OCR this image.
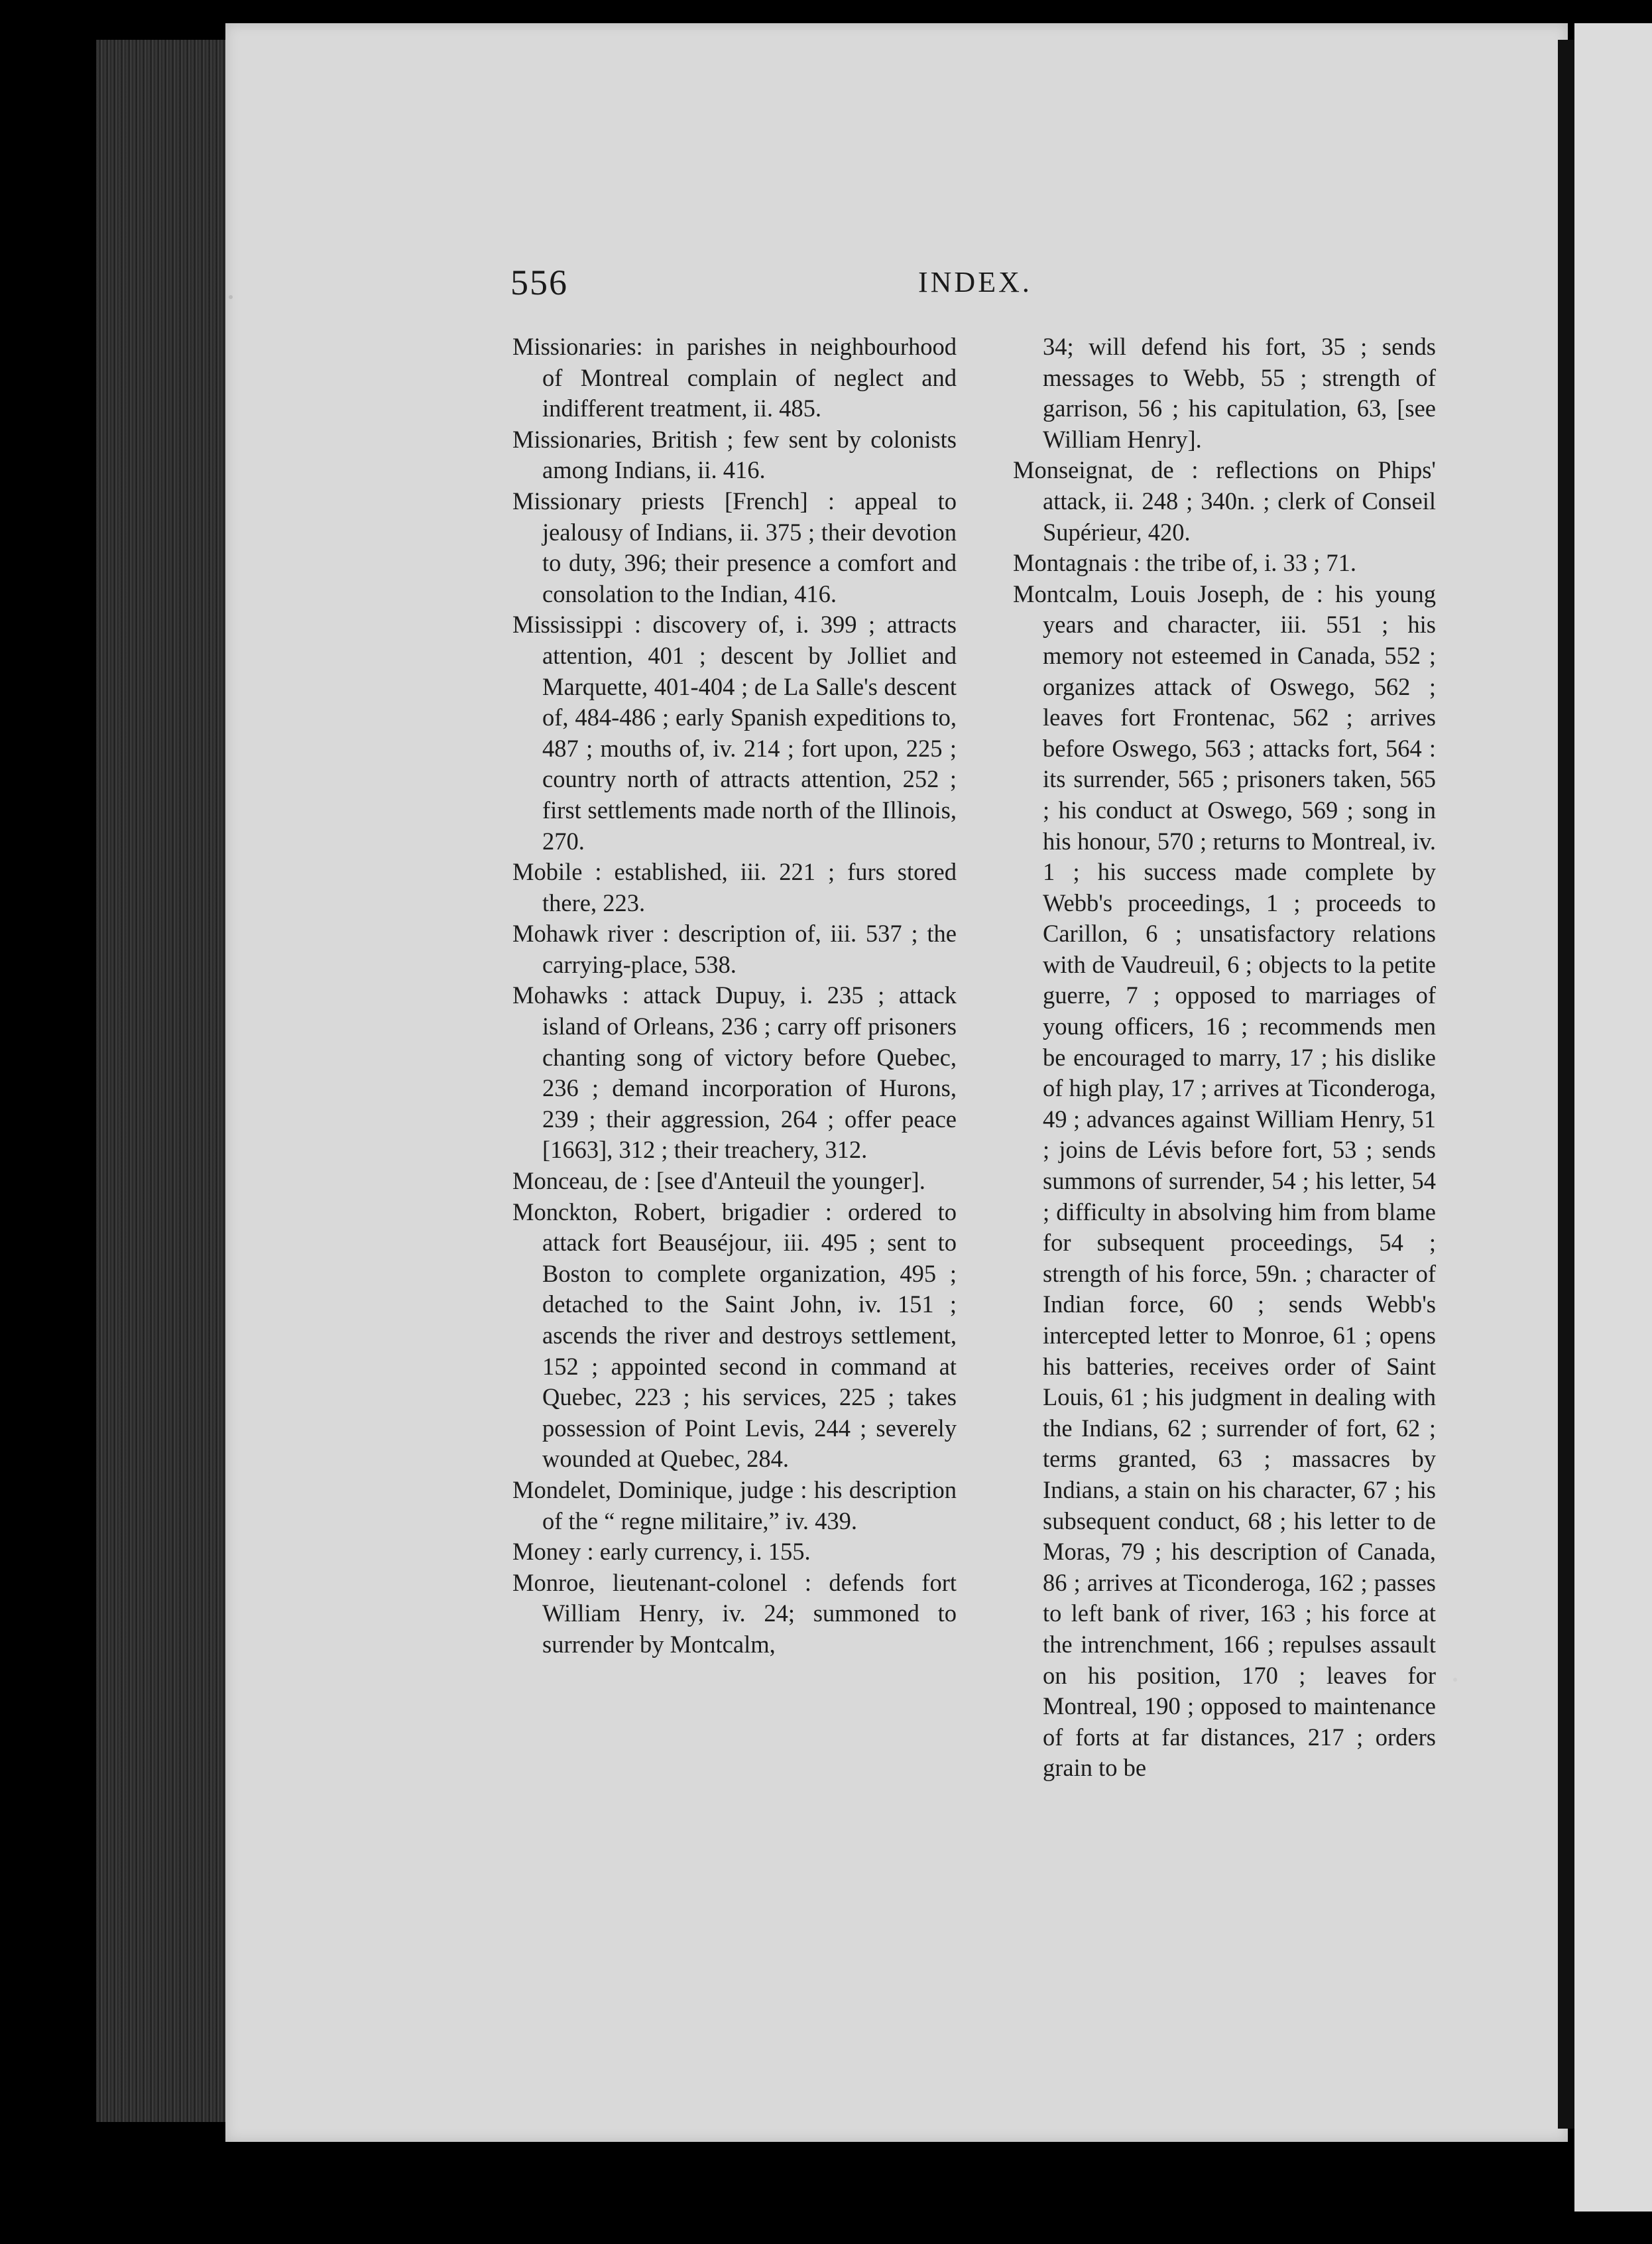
556	INDEX.

Missionaries: in parishes in neighbourhood of Montreal complain of neglect and indifferent treatment, ii. 485.

Missionaries, British ; few sent by colonists among Indians, ii. 416.

Missionary priests [French] : appeal to jealousy of Indians, ii. 375 ; their devotion to duty, 396; their presence a comfort and consolation to the Indian, 416.

Mississippi : discovery of, i. 399 ; attracts attention, 401 ; descent by Jolliet and Marquette, 401-404 ; de La Salle's descent of, 484-486 ; early Spanish expeditions to, 487 ; mouths of, iv. 214 ; fort upon, 225 ; country north of attracts attention, 252 ; first settlements made north of the Illinois, 270.

Mobile : established, iii. 221 ; furs stored there, 223.

Mohawk river : description of, iii. 537 ; the carrying-place, 538.

Mohawks : attack Dupuy, i. 235 ; attack island of Orleans, 236 ; carry off prisoners chanting song of victory before Quebec, 236 ; demand incorporation of Hurons, 239 ; their aggression, 264 ; offer peace [1663], 312 ; their treachery, 312.

Monceau, de : [see d'Anteuil the younger].

Monckton, Robert, brigadier : ordered to attack fort Beauséjour, iii. 495 ; sent to Boston to complete organization, 495 ; detached to the Saint John, iv. 151 ; ascends the river and destroys settlement, 152 ; appointed second in command at Quebec, 223 ; his services, 225 ; takes possession of Point Levis, 244 ; severely wounded at Quebec, 284.

Mondelet, Dominique, judge : his description of the “ regne militaire,” iv. 439.

Money : early currency, i. 155.

Monroe, lieutenant-colonel : defends fort William Henry, iv. 24; summoned to surrender by Montcalm,

34; will defend his fort, 35 ; sends messages to Webb, 55 ; strength of garrison, 56 ; his capitulation, 63, [see William Henry].

Monseignat, de : reflections on Phips' attack, ii. 248 ; 340n. ; clerk of Conseil Supérieur, 420.

Montagnais : the tribe of, i. 33 ; 71.

Montcalm, Louis Joseph, de : his young years and character, iii. 551 ; his memory not esteemed in Canada, 552 ; organizes attack of Oswego, 562 ; leaves fort Frontenac, 562 ; arrives before Oswego, 563 ; attacks fort, 564 : its surrender, 565 ; prisoners taken, 565 ; his conduct at Oswego, 569 ; song in his honour, 570 ; returns to Montreal, iv. 1 ; his success made complete by Webb's proceedings, 1 ; proceeds to Carillon, 6 ; unsatisfactory relations with de Vaudreuil, 6 ; objects to la petite guerre, 7 ; opposed to marriages of young officers, 16 ; recommends men be encouraged to marry, 17 ; his dislike of high play, 17 ; arrives at Ticonderoga, 49 ; advances against William Henry, 51 ; joins de Lévis before fort, 53 ; sends summons of surrender, 54 ; his letter, 54 ; difficulty in absolving him from blame for subsequent proceedings, 54 ; strength of his force, 59n. ; character of Indian force, 60 ; sends Webb's intercepted letter to Monroe, 61 ; opens his batteries, receives order of Saint Louis, 61 ; his judgment in dealing with the Indians, 62 ; surrender of fort, 62 ; terms granted, 63 ; massacres by Indians, a stain on his character, 67 ; his subsequent conduct, 68 ; his letter to de Moras, 79 ; his description of Canada, 86 ; arrives at Ticonderoga, 162 ; passes to left bank of river, 163 ; his force at the intrenchment, 166 ; repulses assault on his position, 170 ; leaves for Montreal, 190 ; opposed to maintenance of forts at far distances, 217 ; orders grain to be
